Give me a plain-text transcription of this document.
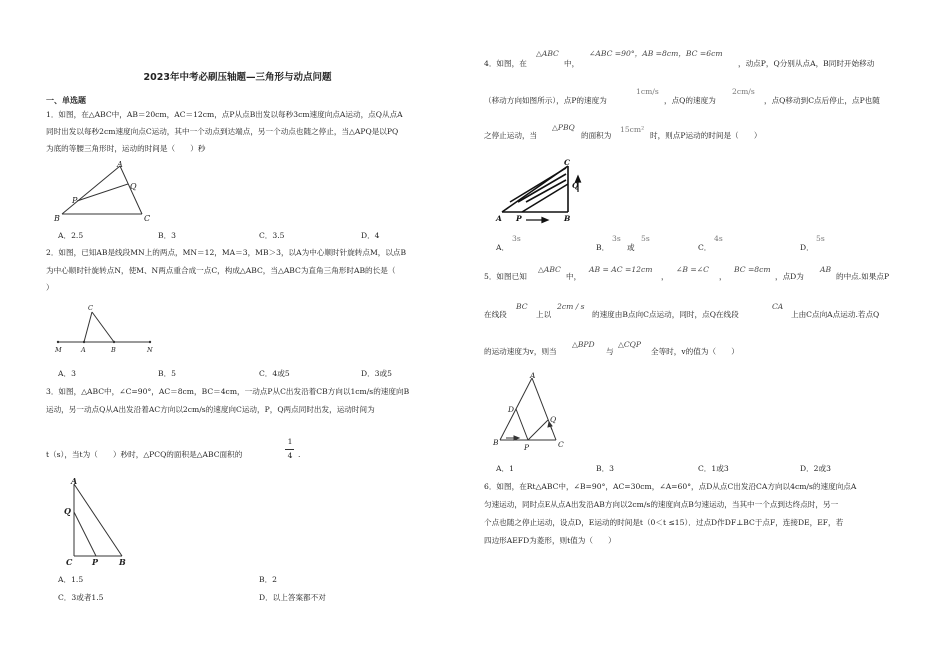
2023年中考必刷压轴题—三角形与动点问题
一、单选题
1．如图，在△ABC中，AB＝20cm，AC＝12cm，点P从点B出发以每秒3cm速度向点A运动，点Q从点A
同时出发以每秒2cm速度向点C运动，其中一个动点到达端点，另一个动点也随之停止，当△APQ是以PQ
为底的等腰三角形时，运动的时间是（　　）秒
A
Q
P
B	C
A．2.5	B．3	C．3.5	D．4
2．如图，已知AB是线段MN上的两点，MN＝12，MA＝3，MB＞3，以A为中心顺时针旋转点M，以点B
为中心顺时针旋转点N，使M、N两点重合成一点C，构成△ABC，当△ABC为直角三角形时AB的长是（
）
C
M	A	B	N
A．3	B．5	C．4或5	D．3或5
3．如图，△ABC中，∠C=90°，AC＝8cm，BC＝4cm，一动点P从C出发沿着CB方向以1cm/s的速度向B
运动，另一动点Q从A出发沿着AC方向以2cm/s的速度向C运动，P，Q两点同时出发，运动时间为
t（s），当t为（　　）秒时，△PCQ的面积是△ABC面积的
1
4 .
A
Q
C P	B
A．1.5	B．2
C．3或者1.5	D．以上答案都不对
4．如图，在
△ABC
中，
∠ABC =90°，AB =8cm，BC =6cm
，动点P，Q分别从点A，B同时开始移动
（移动方向如图所示），点P的速度为
1cm/s
，点Q的速度为
2cm/s
，点Q移动到C点后停止，点P也随
之停止运动，当
△PBQ
的面积为
15cm²
时，则点P运动的时间是（　　）
C
Q
A P	B
A．
3s
B．
3s
或
5s
C．
4s
D．
5s
5．如图已知
△ABC
中，
AB = AC =12cm
，
∠B =∠C
，
BC =8cm
，点D为
AB
的中点.如果点P
在线段
BC
上以
2cm / s
的速度由B点向C点运动，同时，点Q在线段
CA
上由C点向A点运动.若点Q
的运动速度为v，则当
△BPD
与
△CQP
全等时，v的值为（　　）
A
D
Q
B
P	C
A．1	B．3	C．1或3	D．2或3
6．如图，在Rt△ABC中，∠B=90°，AC=30cm，∠A=60°，点D从点C出发沿CA方向以4cm/s的速度向点A
匀速运动，同时点E从点A出发沿AB方向以2cm/s的速度向点B匀速运动，当其中一个点到达终点时，另一
个点也随之停止运动，设点D，E运动的时间是t（0＜t ≤15）．过点D作DF⊥BC于点F，连接DE，EF，若
四边形AEFD为菱形，则t值为（　　）
